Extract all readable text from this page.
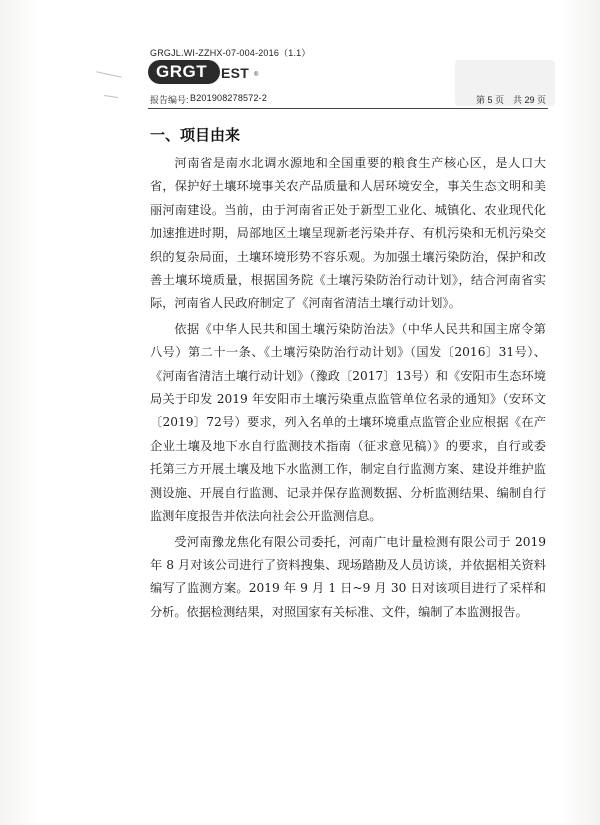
GRGJL.WI-ZZHX-07-004-2016（1.1）
GRGT EST ®
报告编号: B201908278572-2	第 5 页　共 29 页
一、项目由来

河南省是南水北调水源地和全国重要的粮食生产核心区，是人口大省，保护好土壤环境事关农产品质量和人居环境安全，事关生态文明和美丽河南建设。当前，由于河南省正处于新型工业化、城镇化、农业现代化加速推进时期，局部地区土壤呈现新老污染并存、有机污染和无机污染交织的复杂局面，土壤环境形势不容乐观。为加强土壤污染防治，保护和改善土壤环境质量，根据国务院《土壤污染防治行动计划》，结合河南省实际，河南省人民政府制定了《河南省清洁土壤行动计划》。

依据《中华人民共和国土壤污染防治法》（中华人民共和国主席令第八号）第二十一条、《土壤污染防治行动计划》（国发〔2016〕31号）、《河南省清洁土壤行动计划》（豫政〔2017〕13号）和《安阳市生态环境局关于印发 2019 年安阳市土壤污染重点监管单位名录的通知》（安环文〔2019〕72号）要求，列入名单的土壤环境重点监管企业应根据《在产企业土壤及地下水自行监测技术指南（征求意见稿）》的要求，自行或委托第三方开展土壤及地下水监测工作，制定自行监测方案、建设并维护监测设施、开展自行监测、记录并保存监测数据、分析监测结果、编制自行监测年度报告并依法向社会公开监测信息。

受河南豫龙焦化有限公司委托，河南广电计量检测有限公司于 2019 年 8 月对该公司进行了资料搜集、现场踏勘及人员访谈，并依据相关资料编写了监测方案。2019 年 9 月 1 日~9 月 30 日对该项目进行了采样和分析。依据检测结果，对照国家有关标准、文件，编制了本监测报告。
